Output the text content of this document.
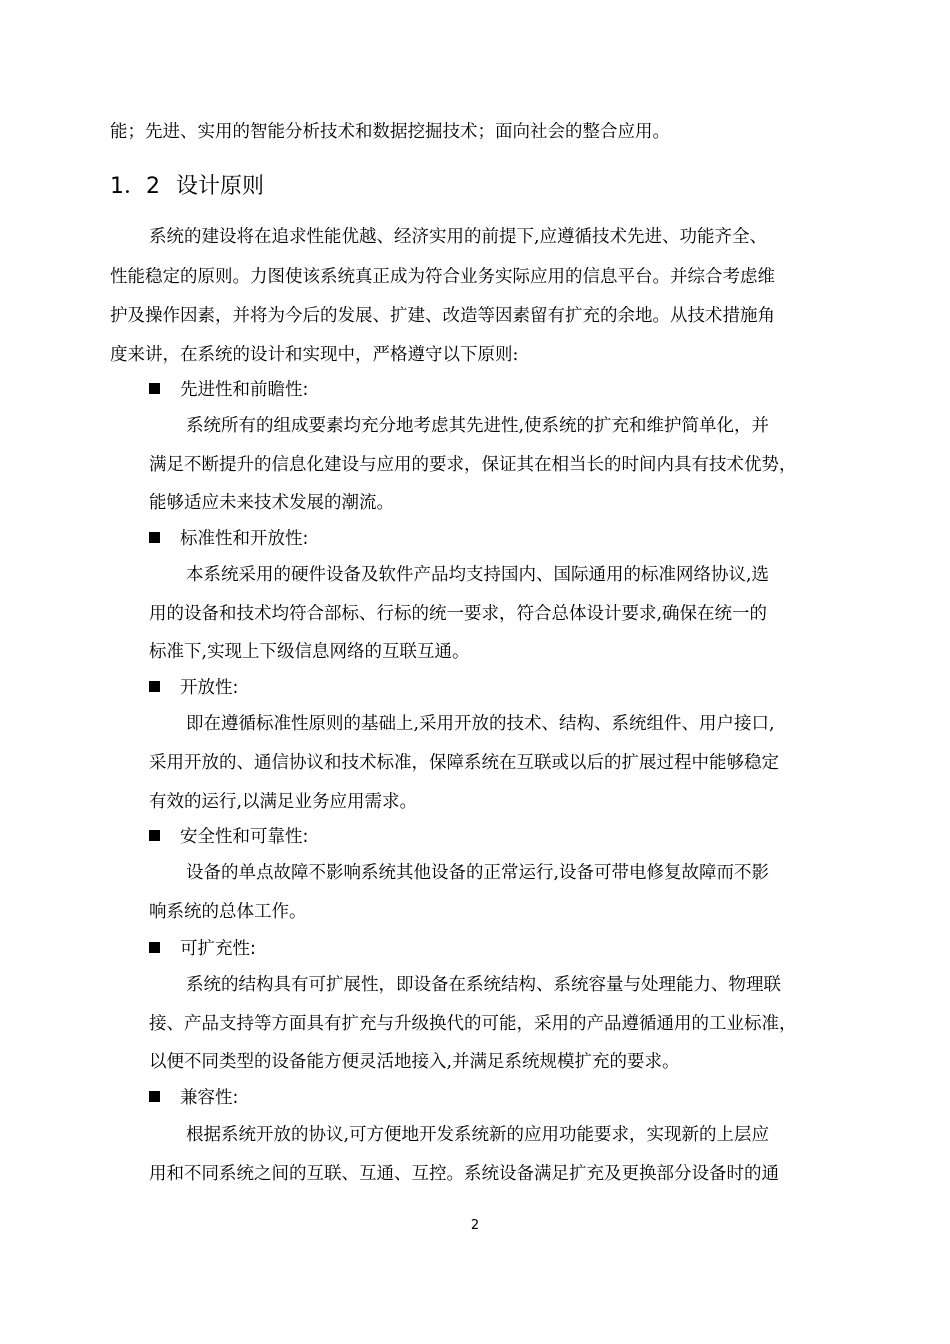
能；先进、实用的智能分析技术和数据挖掘技术；面向社会的整合应用。
1．2 设计原则
系统的建设将在追求性能优越、经济实用的前提下,应遵循技术先进、功能齐全、
性能稳定的原则。力图使该系统真正成为符合业务实际应用的信息平台。并综合考虑维
护及操作因素，并将为今后的发展、扩建、改造等因素留有扩充的余地。从技术措施角
度来讲，在系统的设计和实现中，严格遵守以下原则:
先进性和前瞻性:
系统所有的组成要素均充分地考虑其先进性,使系统的扩充和维护简单化，并
满足不断提升的信息化建设与应用的要求，保证其在相当长的时间内具有技术优势，
能够适应未来技术发展的潮流。
标准性和开放性:
本系统采用的硬件设备及软件产品均支持国内、国际通用的标准网络协议,选
用的设备和技术均符合部标、行标的统一要求，符合总体设计要求,确保在统一的
标准下,实现上下级信息网络的互联互通。
开放性:
即在遵循标准性原则的基础上,采用开放的技术、结构、系统组件、用户接口,
采用开放的、通信协议和技术标准，保障系统在互联或以后的扩展过程中能够稳定
有效的运行,以满足业务应用需求。
安全性和可靠性:
设备的单点故障不影响系统其他设备的正常运行,设备可带电修复故障而不影
响系统的总体工作。
可扩充性:
系统的结构具有可扩展性，即设备在系统结构、系统容量与处理能力、物理联
接、产品支持等方面具有扩充与升级换代的可能，采用的产品遵循通用的工业标准，
以便不同类型的设备能方便灵活地接入,并满足系统规模扩充的要求。
兼容性:
根据系统开放的协议,可方便地开发系统新的应用功能要求，实现新的上层应
用和不同系统之间的互联、互通、互控。系统设备满足扩充及更换部分设备时的通
2
